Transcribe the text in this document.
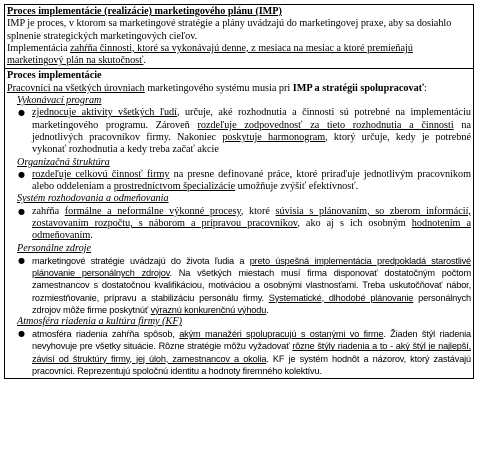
Proces implementácie (realizácie) marketingového plánu (IMP)

IMP je proces, v ktorom sa marketingové stratégie a plány uvádzajú do marketingovej praxe, aby sa dosiahlo splnenie strategických marketingových cieľov.

Implementácia zahŕňa činnosti, ktoré sa vykonávajú denne, z mesiaca na mesiac a ktoré premieňajú marketingový plán na skutočnosť.

Proces implementácie

Pracovníci na všetkých úrovniach marketingového systému musia pri IMP a stratégii spolupracovať:

Vykonávací program

● zjednocuje aktivity všetkých ľudí, určuje, aké rozhodnutia a činnosti sú potrebné na implementáciu marketingového programu. Zároveň rozdeľuje zodpovednosť za tieto rozhodnutia a činnosti na jednotlivých pracovníkov firmy. Nakoniec poskytuje harmonogram, ktorý určuje, kedy je potrebné vykonať rozhodnutia a kedy treba začať akcie

Organizačná štruktúra

● rozdeľuje celkovú činnosť firmy na presne definované práce, ktoré priraďuje jednotlivým pracovníkom alebo oddeleniam a prostredníctvom špecializácie umožňuje zvýšiť efektívnosť.

Systém rozhodovania a odmeňovania

● zahŕňa formálne a neformálne výkonné procesy, ktoré súvisia s plánovaním, so zberom informácií, zostavovaním rozpočtu, s náborom a prípravou pracovníkov, ako aj s ich osobným hodnotením a odmeňovaním.

Personálne zdroje

● marketingové stratégie uvádzajú do života ľudia a preto úspešná implementácia predpokladá starostlivé plánovanie personálnych zdrojov. Na všetkých miestach musí firma disponovať dostatočným počtom zamestnancov s dostatočnou kvalifikáciou, motiváciou a osobnými vlastnosťami. Treba uskutočňovať nábor, rozmiestňovanie, prípravu a stabilizáciu personálu firmy. Systematické, dlhodobé plánovanie personálnych zdrojov môže firme poskytnúť výraznú konkurenčnú výhodu.

Atmosféra riadenia a kultúra firmy (KF)

● atmosféra riadenia zahŕňa spôsob, akým manažéri spolupracujú s ostanými vo firme. Žiaden štýl riadenia nevyhovuje pre všetky situácie. Rôzne stratégie môžu vyžadovať rôzne štýly riadenia a to - aký štýl je najlepší, závisí od štruktúry firmy, jej úloh, zamestnancov a okolia. KF je systém hodnôt a názorov, ktorý zastávajú pracovníci. Reprezentujú spoločnú identitu a hodnoty firemného kolektívu.
